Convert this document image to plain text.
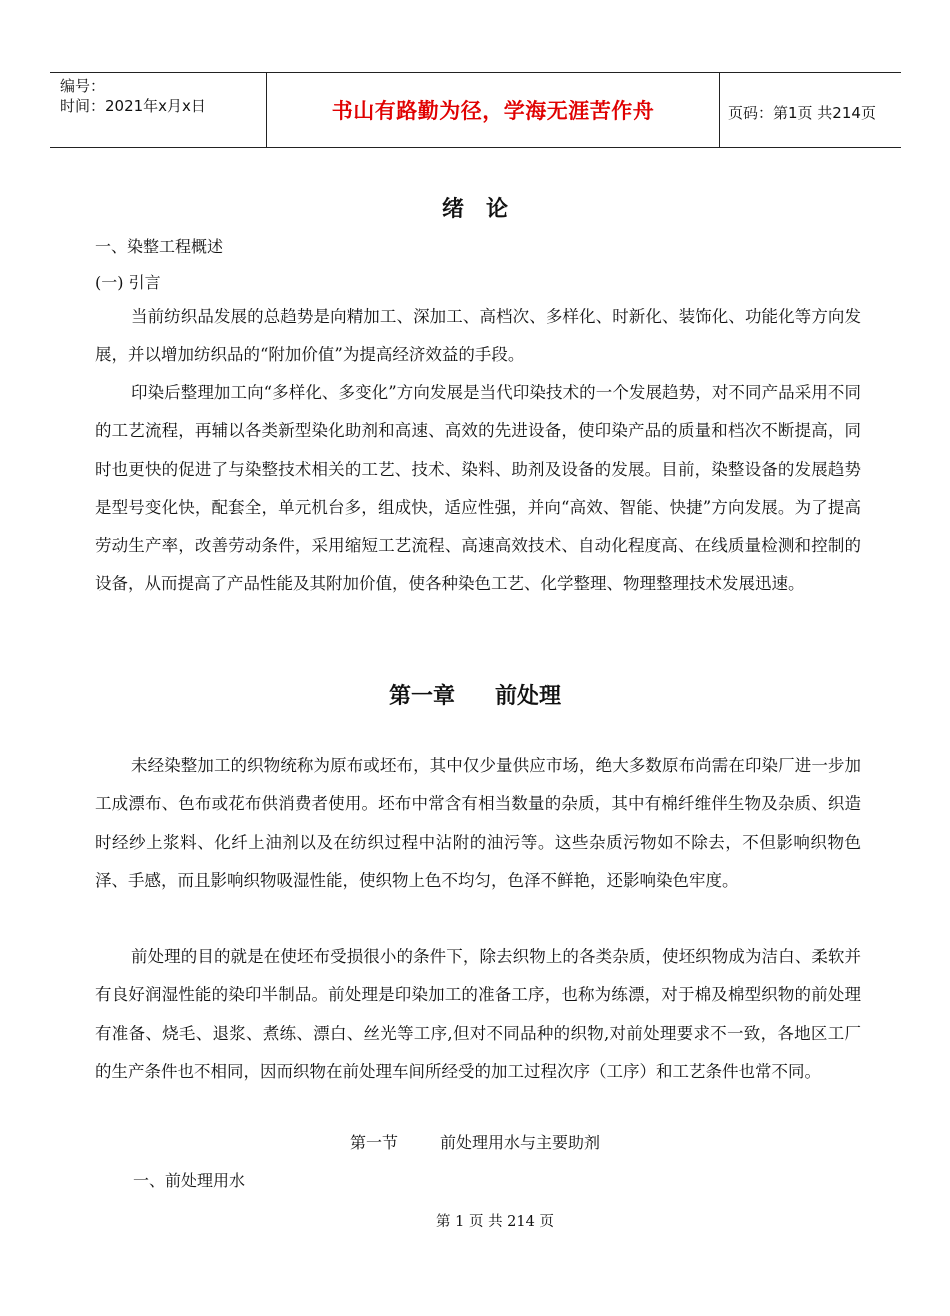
编号：
时间：2021年x月x日	书山有路勤为径，学海无涯苦作舟	页码：第1页 共214页
绪论
一、染整工程概述
(一) 引言

当前纺织品发展的总趋势是向精加工、深加工、高档次、多样化、时新化、装饰化、功能化等方向发展，并以增加纺织品的“附加价值”为提高经济效益的手段。

印染后整理加工向“多样化、多变化”方向发展是当代印染技术的一个发展趋势，对不同产品采用不同的工艺流程，再辅以各类新型染化助剂和高速、高效的先进设备，使印染产品的质量和档次不断提高，同时也更快的促进了与染整技术相关的工艺、技术、染料、助剂及设备的发展。目前，染整设备的发展趋势是型号变化快，配套全，单元机台多，组成快，适应性强，并向“高效、智能、快捷”方向发展。为了提高劳动生产率，改善劳动条件，采用缩短工艺流程、高速高效技术、自动化程度高、在线质量检测和控制的设备，从而提高了产品性能及其附加价值，使各种染色工艺、化学整理、物理整理技术发展迅速。

第一章 前处理

未经染整加工的织物统称为原布或坯布，其中仅少量供应市场，绝大多数原布尚需在印染厂进一步加工成漂布、色布或花布供消费者使用。坯布中常含有相当数量的杂质，其中有棉纤维伴生物及杂质、织造时经纱上浆料、化纤上油剂以及在纺织过程中沾附的油污等。这些杂质污物如不除去，不但影响织物色泽、手感，而且影响织物吸湿性能，使织物上色不均匀，色泽不鲜艳，还影响染色牢度。

前处理的目的就是在使坯布受损很小的条件下，除去织物上的各类杂质，使坯织物成为洁白、柔软并有良好润湿性能的染印半制品。前处理是印染加工的准备工序，也称为练漂，对于棉及棉型织物的前处理有准备、烧毛、退浆、煮练、漂白、丝光等工序,但对不同品种的织物,对前处理要求不一致，各地区工厂的生产条件也不相同，因而织物在前处理车间所经受的加工过程次序（工序）和工艺条件也常不同。

第一节	前处理用水与主要助剂
一、前处理用水
第 1 页 共 214 页
